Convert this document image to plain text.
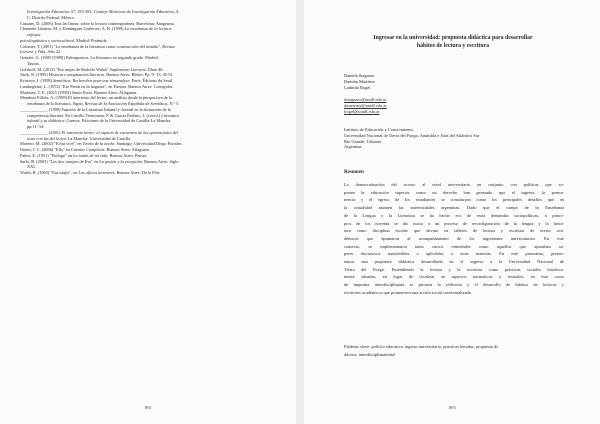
Investigación Educativa, 57, 353-381, Consejo Mexicano de Investigación Educativa, A.
C. Distrito Federal, México
Cassany, D. (2006) Tras las líneas: sobre la lectura contemporánea. Barcelona: Anagrama.
Clemente Linuesa, M. y Domínguez Gutiérrez, A. B. (1999) La enseñanza de la lectura:
enfoque
psicolingüístico y sociocultural. Madrid: Pirámide.
Colomer, T. (2001) "La enseñanza de la literatura como construcción del sentido", Revista
Lectura y Vida, Año 22.
Genette, G. (1989 [1989]) Palimpsestos. La literatura en segundo grado. Madrid:
Taurus.
Golsboff, M. (2012) "Ese mujer de Rodolfo Walsh" Suplemento Literario Tilam 46.
Jitrik, N. (1995) Historia e imaginación literaria. Buenos Aires: Biblos. Pp. 9- 13, 45-51
Kristeva, J. (1998) Semiótica: Recherches pour une sémanalyse. París: Éditions du Seuil.
Lanthoghine, L. (1972) "Ese Perón en la hoguera", en Puertas. Buenos Aires: Corregidor.
Martínez, T. E. (2015 [1995]) Santa Evita. Buenos Aires: Alfaguara.
Mendoza Fillola, A. (1998) El intertexto del lector: un análisis desde la perspectiva de la
enseñanza de la literatura. Signa, Revista de la Asociación Española de Semiótica, N.º 5.
_____________ (1999) Función de la Literatura Infantil y Juvenil en la formación de la
competencia literaria. En Carrillo Tiemonera, P. & García Padrino, J. (coord.) Literatura
infantil y su didáctica. Cuenca: Ediciones de la Universidad de Castilla-La Mancha,
pp.11- 54.
_____________ (2001) El intertexto lector: el espacio de encuentro de las aportaciones del
texto con las del lector. La Mancha: Universidad de Castilla.
Moreno, M. (2002) "Evita vive", en Teoría de la noche. Santiago: Universidad Diego Portales.
Onetti, J. C. (2006) "Ella" en Cuentos Completos. Buenos Aires: Alfaguara.
Paños, E. (1951) "Prólogo" en La razón de mi vida. Buenos Aires: Peuser.
Sarlo, B. (2003) "Los dos cuerpos de Eva" en La pasión y la excepción. Buenos Aires: Siglo
XXI.
Walsh, R. (1965) "Esa mujer", en Los oficios terrestres. Buenos Aires: De la Flor.
891
Ingresar en la universidad: propuesta didáctica para desarrollar
hábitos de lectura y escritura
Daniela Stagnaro
Damián Martínez
Ludmila Rogel
dstagnaro@untdf.edu.ar
dmartinez@untdf.edu.ar
lrogel@untdf.edu.ar
Instituto de Educación y Conocimiento.
Universidad Nacional de Tierra del Fuego, Antártida e Islas del Atlántico Sur
Río Grande, Ushuaia
Argentina
Resumen
La democratización del acceso al nivel universitario en conjunto con políticas que su-
ponen la educación superior como un derecho han generado que el ingreso, la perma-
nencia y el egreso de los estudiantes se constituyan como los principales desafíos que en
la actualidad asumen las universidades argentinas. Dado que el campo de la Enseñanza
de la Lengua y la Literatura se ha hecho eco de estas demandas sociopolíticas, a princi-
pios de los noventa se dio inicio a un proceso de reconfiguración de la lengua y la litera-
tura como disciplina escolar que devino en talleres de lectura y escritura de textos aca-
démicos que apuntaron al acompañamiento de los ingresantes universitarios. En este
contexto, se implementaron tanto cursos remediales como aquellos que ajustaban sa-
peres discursivos transferibles o aplicables a otras materias. En este panorama, presen-
tamos una propuesta didáctica desarrollada en el ingreso a la Universidad Nacional de
Tierra del Fuego. Entendiendo la lectura y la escritura como prácticas sociales histórica-
mente situadas, en lugar de focalizar en aspectos normativos y textuales, en este curso
de impronta interdisciplinaria se prioriza la reflexión y el desarrollo de hábitos de lectores y
escritores académicos que promueven una acción social contextualizada.
Palabras clave: política educativa, ingreso universitario, prácticas letradas, propuesta di-
dáctica, interdisciplinariedad
893
